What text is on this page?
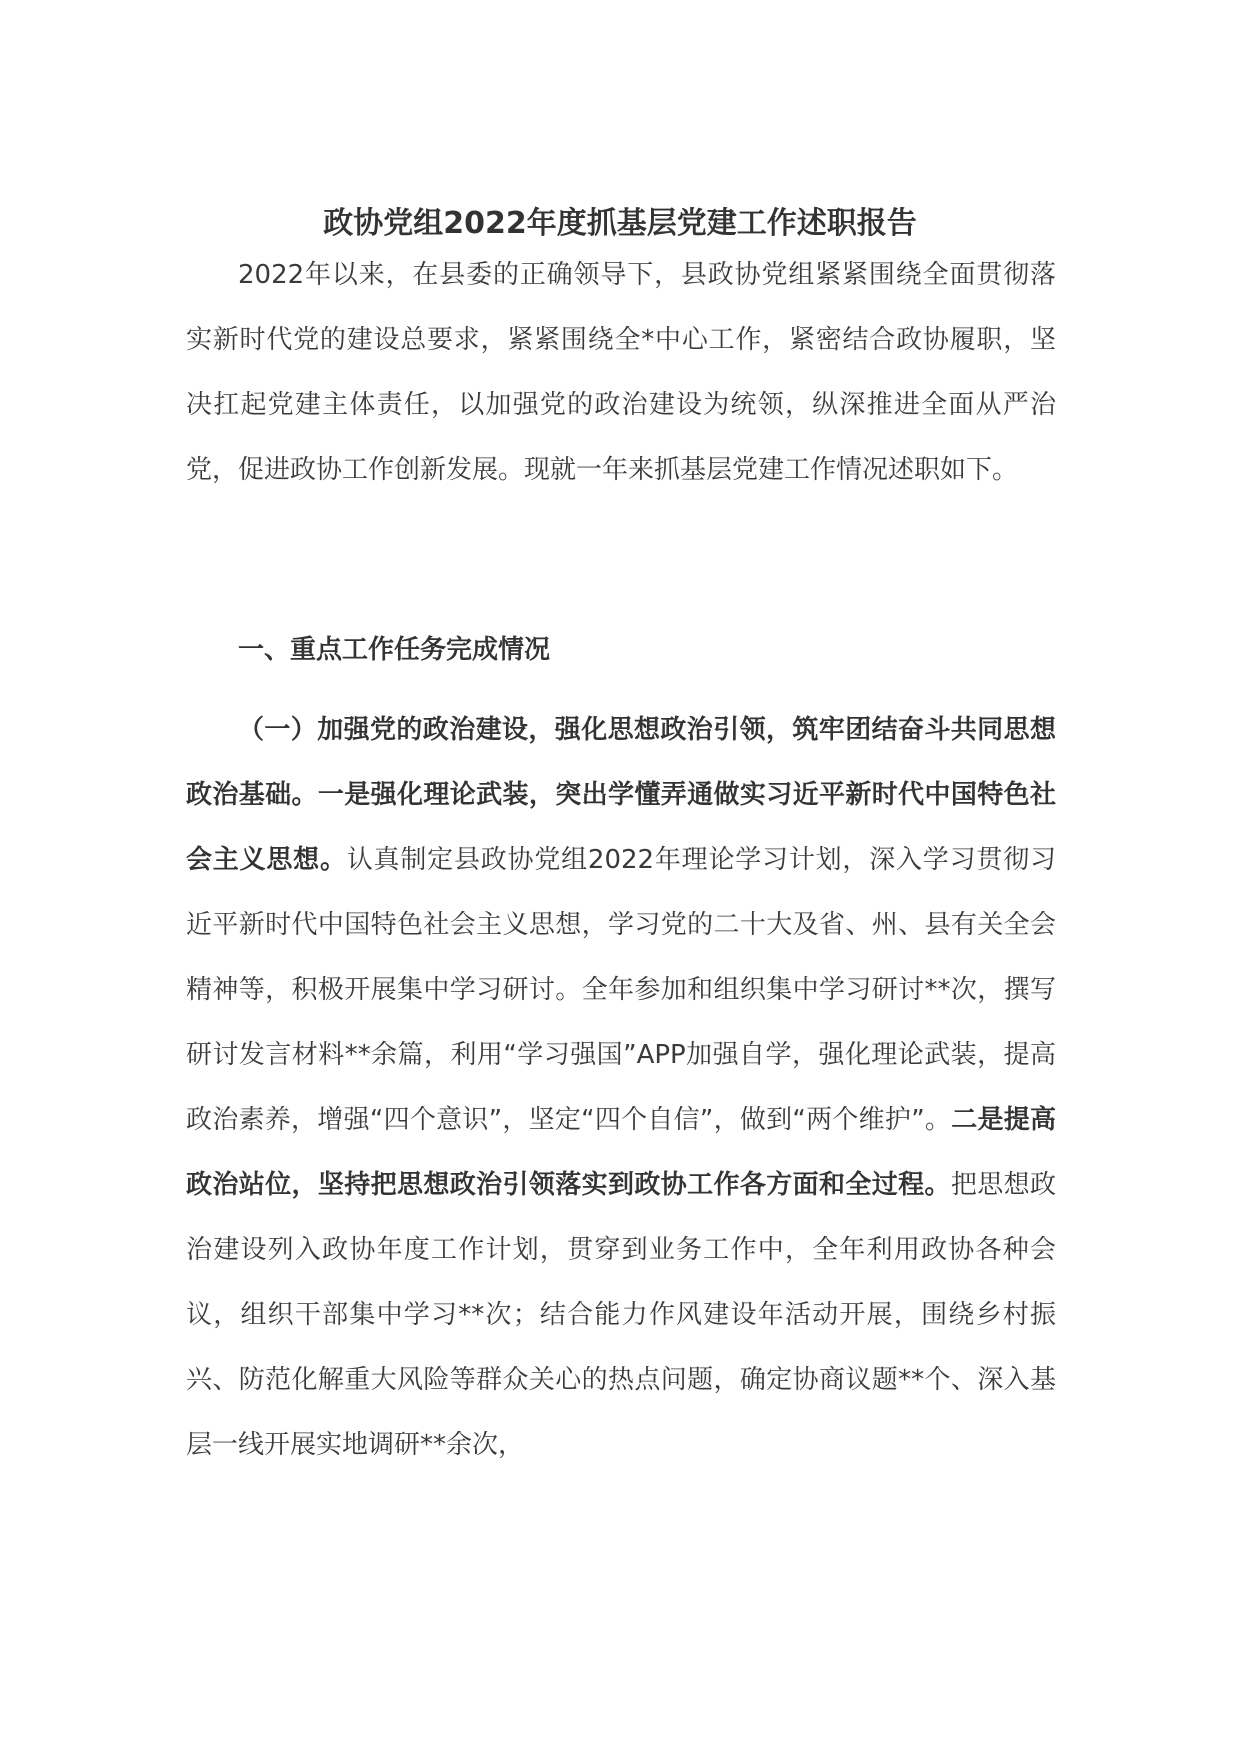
政协党组2022年度抓基层党建工作述职报告

2022年以来，在县委的正确领导下，县政协党组紧紧围绕全面贯彻落实新时代党的建设总要求，紧紧围绕全*中心工作，紧密结合政协履职，坚决扛起党建主体责任，以加强党的政治建设为统领，纵深推进全面从严治党，促进政协工作创新发展。现就一年来抓基层党建工作情况述职如下。

一、重点工作任务完成情况

（一）加强党的政治建设，强化思想政治引领，筑牢团结奋斗共同思想政治基础。一是强化理论武装，突出学懂弄通做实习近平新时代中国特色社会主义思想。认真制定县政协党组2022年理论学习计划，深入学习贯彻习近平新时代中国特色社会主义思想，学习党的二十大及省、州、县有关全会精神等，积极开展集中学习研讨。全年参加和组织集中学习研讨**次，撰写研讨发言材料**余篇，利用“学习强国”APP加强自学，强化理论武装，提高政治素养，增强“四个意识”，坚定“四个自信”，做到“两个维护”。二是提高政治站位，坚持把思想政治引领落实到政协工作各方面和全过程。把思想政治建设列入政协年度工作计划，贯穿到业务工作中，全年利用政协各种会议，组织干部集中学习**次；结合能力作风建设年活动开展，围绕乡村振兴、防范化解重大风险等群众关心的热点问题，确定协商议题**个、深入基层一线开展实地调研**余次，
